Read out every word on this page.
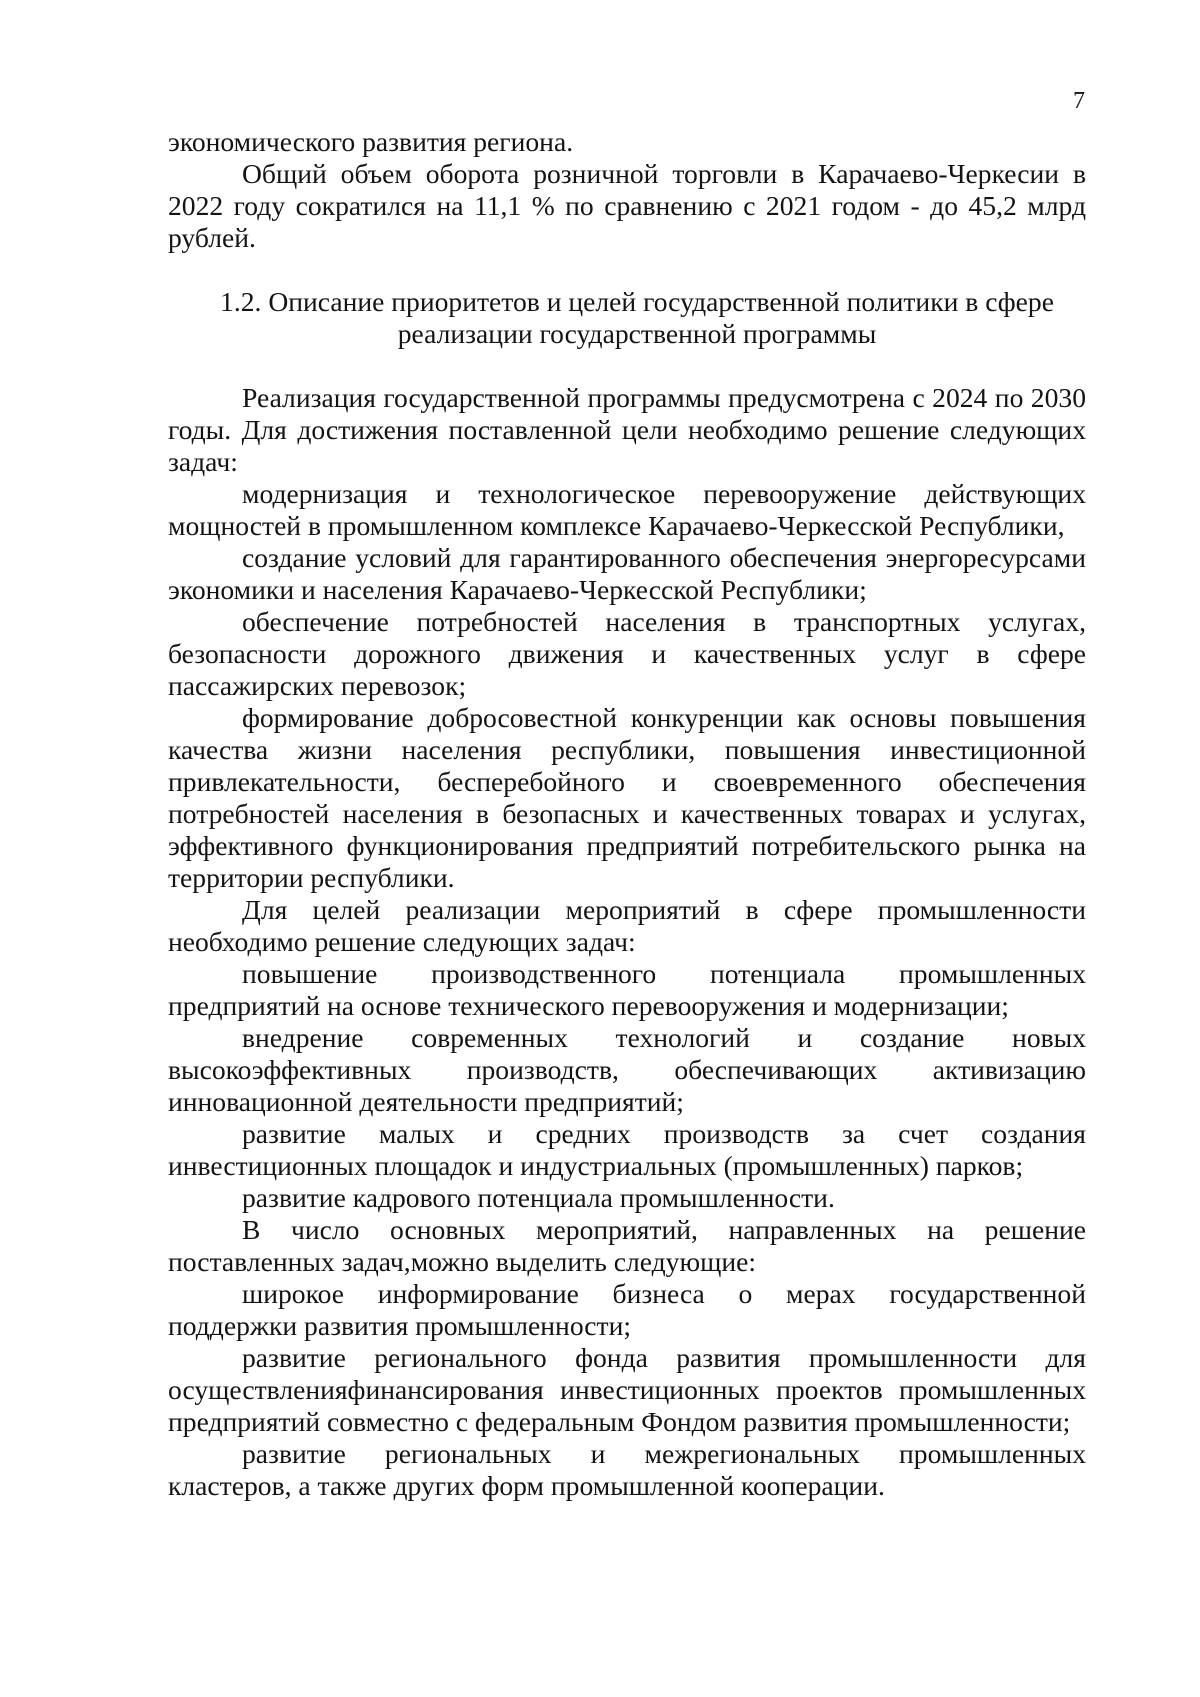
7

экономического развития региона.

Общий объем оборота розничной торговли в Карачаево-Черкесии в 2022 году сократился на 11,1 % по сравнению с 2021 годом - до 45,2 млрд рублей.

1.2. Описание приоритетов и целей государственной политики в сфере
реализации государственной программы

Реализация государственной программы предусмотрена с 2024 по 2030 годы. Для достижения поставленной цели необходимо решение следующих задач:

модернизация и технологическое перевооружение действующих мощностей в промышленном комплексе Карачаево-Черкесской Республики,

создание условий для гарантированного обеспечения энергоресурсами экономики и населения Карачаево-Черкесской Республики;

обеспечение потребностей населения в транспортных услугах, безопасности дорожного движения и качественных услуг в сфере пассажирских перевозок;

формирование добросовестной конкуренции как основы повышения качества жизни населения республики, повышения инвестиционной привлекательности, бесперебойного и своевременного обеспечения потребностей населения в безопасных и качественных товарах и услугах, эффективного функционирования предприятий потребительского рынка на территории республики.

Для целей реализации мероприятий в сфере промышленности необходимо решение следующих задач:

повышение производственного потенциала промышленных предприятий на основе технического перевооружения и модернизации;

внедрение современных технологий и создание новых высокоэффективных производств, обеспечивающих активизацию инновационной деятельности предприятий;

развитие малых и средних производств за счет создания инвестиционных площадок и индустриальных (промышленных) парков;

развитие кадрового потенциала промышленности.

В число основных мероприятий, направленных на решение поставленных задач,можно выделить следующие:

широкое информирование бизнеса о мерах государственной поддержки развития промышленности;

развитие регионального фонда развития промышленности для осуществленияфинансирования инвестиционных проектов промышленных предприятий совместно с федеральным Фондом развития промышленности;

развитие региональных и межрегиональных промышленных кластеров, а также других форм промышленной кооперации.
